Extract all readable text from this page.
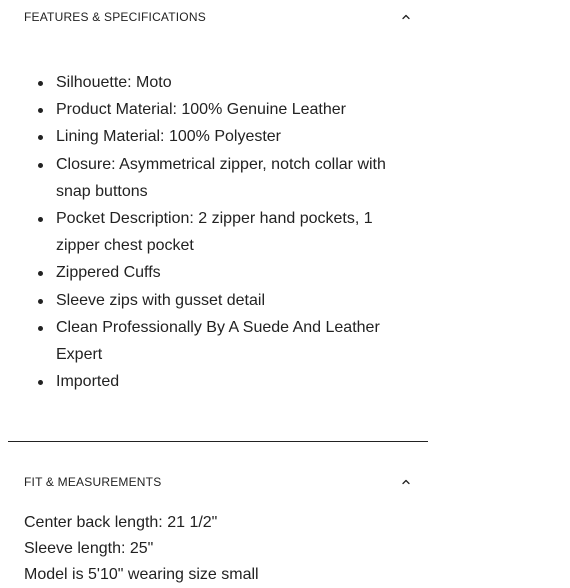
FEATURES & SPECIFICATIONS
Silhouette: Moto
Product Material: 100% Genuine Leather
Lining Material: 100% Polyester
Closure: Asymmetrical zipper, notch collar with snap buttons
Pocket Description: 2 zipper hand pockets, 1 zipper chest pocket
Zippered Cuffs
Sleeve zips with gusset detail
Clean Professionally By A Suede And Leather Expert
Imported
FIT & MEASUREMENTS
Center back length: 21 1/2"
Sleeve length: 25"
Model is 5'10" wearing size small
